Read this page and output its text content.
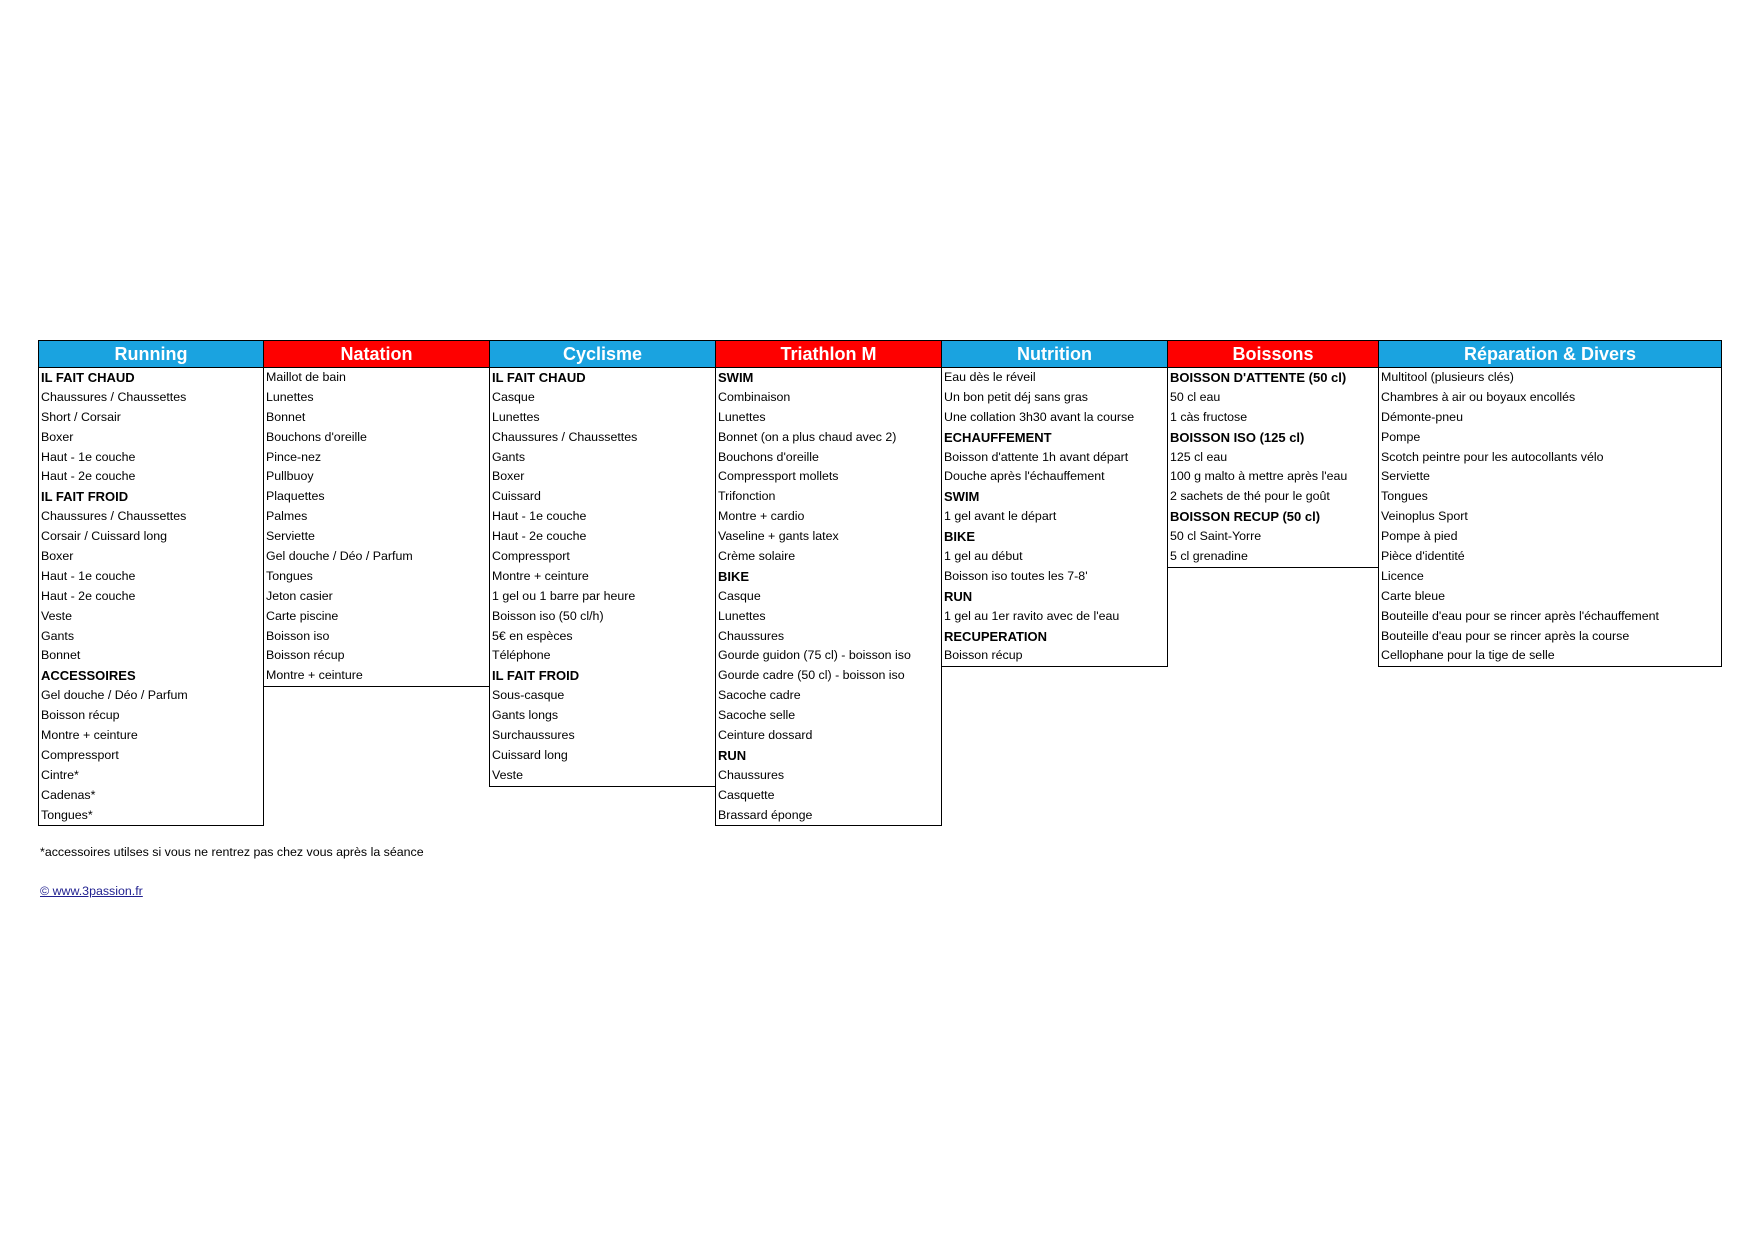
Running
IL FAIT CHAUD
Chaussures / Chaussettes
Short / Corsair
Boxer
Haut - 1e couche
Haut - 2e couche
IL FAIT FROID
Chaussures / Chaussettes
Corsair / Cuissard long
Boxer
Haut - 1e couche
Haut - 2e couche
Veste
Gants
Bonnet
ACCESSOIRES
Gel douche / Déo / Parfum
Boisson récup
Montre + ceinture
Compressport
Cintre*
Cadenas*
Tongues*
Natation
Maillot de bain
Lunettes
Bonnet
Bouchons d'oreille
Pince-nez
Pullbuoy
Plaquettes
Palmes
Serviette
Gel douche / Déo / Parfum
Tongues
Jeton casier
Carte piscine
Boisson iso
Boisson récup
Montre + ceinture
Cyclisme
IL FAIT CHAUD
Casque
Lunettes
Chaussures / Chaussettes
Gants
Boxer
Cuissard
Haut - 1e couche
Haut - 2e couche
Compressport
Montre + ceinture
1 gel ou 1 barre par heure
Boisson iso (50 cl/h)
5€ en espèces
Téléphone
IL FAIT FROID
Sous-casque
Gants longs
Surchaussures
Cuissard long
Veste
Triathlon M
SWIM
Combinaison
Lunettes
Bonnet (on a plus chaud avec 2)
Bouchons d'oreille
Compressport mollets
Trifonction
Montre + cardio
Vaseline + gants latex
Crème solaire
BIKE
Casque
Lunettes
Chaussures
Gourde guidon (75 cl) - boisson iso
Gourde cadre (50 cl) - boisson iso
Sacoche cadre
Sacoche selle
Ceinture dossard
RUN
Chaussures
Casquette
Brassard éponge
Nutrition
Eau dès le réveil
Un bon petit déj sans gras
Une collation 3h30 avant la course
ECHAUFFEMENT
Boisson d'attente 1h avant départ
Douche après l'échauffement
SWIM
1 gel avant le départ
BIKE
1 gel au début
Boisson iso toutes les 7-8'
RUN
1 gel au 1er ravito avec de l'eau
RECUPERATION
Boisson récup
Boissons
BOISSON D'ATTENTE (50 cl)
50 cl eau
1 càs fructose
BOISSON ISO (125 cl)
125 cl eau
100 g malto à mettre après l'eau
2 sachets de thé pour le goût
BOISSON RECUP (50 cl)
50 cl Saint-Yorre
5 cl grenadine
Réparation & Divers
Multitool (plusieurs clés)
Chambres à air ou boyaux encollés
Démonte-pneu
Pompe
Scotch peintre pour les autocollants vélo
Serviette
Tongues
Veinoplus Sport
Pompe à pied
Pièce d'identité
Licence
Carte bleue
Bouteille d'eau pour se rincer après l'échauffement
Bouteille d'eau pour se rincer après la course
Cellophane pour la tige de selle
*accessoires utilses si vous ne rentrez pas chez vous après la séance
© www.3passion.fr
